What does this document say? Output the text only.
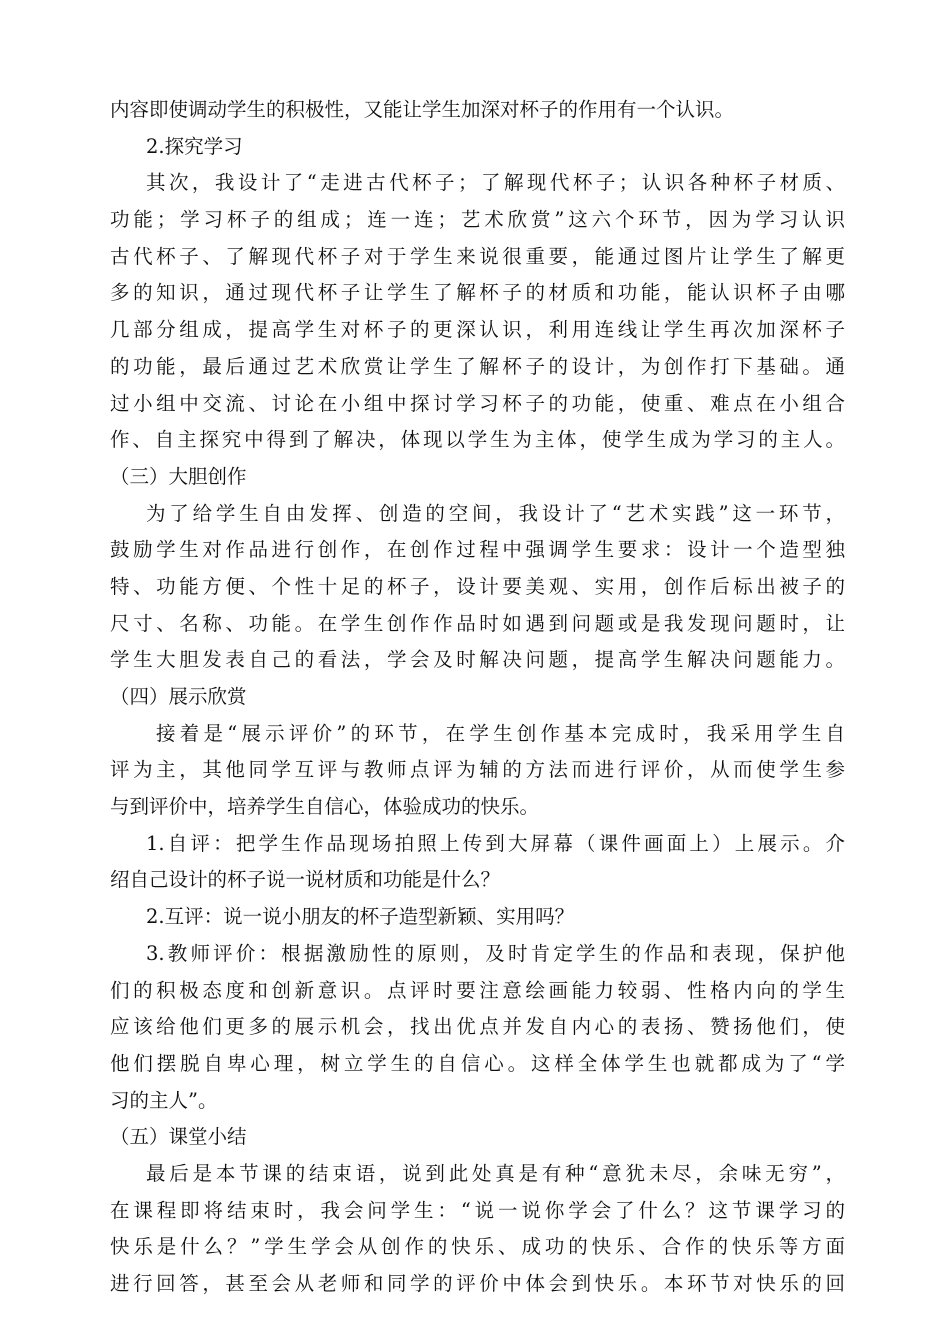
内容即使调动学生的积极性，又能让学生加深对杯子的作用有一个认识。
2.探究学习
其次，我设计了“走进古代杯子；了解现代杯子；认识各种杯子材质、
功能；学习杯子的组成；连一连；艺术欣赏”这六个环节，因为学习认识
古代杯子、了解现代杯子对于学生来说很重要，能通过图片让学生了解更
多的知识，通过现代杯子让学生了解杯子的材质和功能，能认识杯子由哪
几部分组成，提高学生对杯子的更深认识，利用连线让学生再次加深杯子
的功能，最后通过艺术欣赏让学生了解杯子的设计，为创作打下基础。通
过小组中交流、讨论在小组中探讨学习杯子的功能，使重、难点在小组合
作、自主探究中得到了解决，体现以学生为主体，使学生成为学习的主人。
（三）大胆创作
为了给学生自由发挥、创造的空间，我设计了“艺术实践”这一环节，
鼓励学生对作品进行创作，在创作过程中强调学生要求：设计一个造型独
特、功能方便、个性十足的杯子，设计要美观、实用，创作后标出被子的
尺寸、名称、功能。在学生创作作品时如遇到问题或是我发现问题时，让
学生大胆发表自己的看法，学会及时解决问题，提高学生解决问题能力。
（四）展示欣赏
接着是“展示评价”的环节，在学生创作基本完成时，我采用学生自
评为主，其他同学互评与教师点评为辅的方法而进行评价，从而使学生参
与到评价中，培养学生自信心，体验成功的快乐。
1.自评：把学生作品现场拍照上传到大屏幕（课件画面上）上展示。介
绍自己设计的杯子说一说材质和功能是什么？
2.互评：说一说小朋友的杯子造型新颖、实用吗？
3.教师评价：根据激励性的原则，及时肯定学生的作品和表现，保护他
们的积极态度和创新意识。点评时要注意绘画能力较弱、性格内向的学生
应该给他们更多的展示机会，找出优点并发自内心的表扬、赞扬他们，使
他们摆脱自卑心理，树立学生的自信心。这样全体学生也就都成为了“学
习的主人”。
（五）课堂小结
最后是本节课的结束语，说到此处真是有种“意犹未尽，余味无穷”，
在课程即将结束时，我会问学生：“说一说你学会了什么？这节课学习的
快乐是什么？”学生学会从创作的快乐、成功的快乐、合作的快乐等方面
进行回答，甚至会从老师和同学的评价中体会到快乐。本环节对快乐的回
